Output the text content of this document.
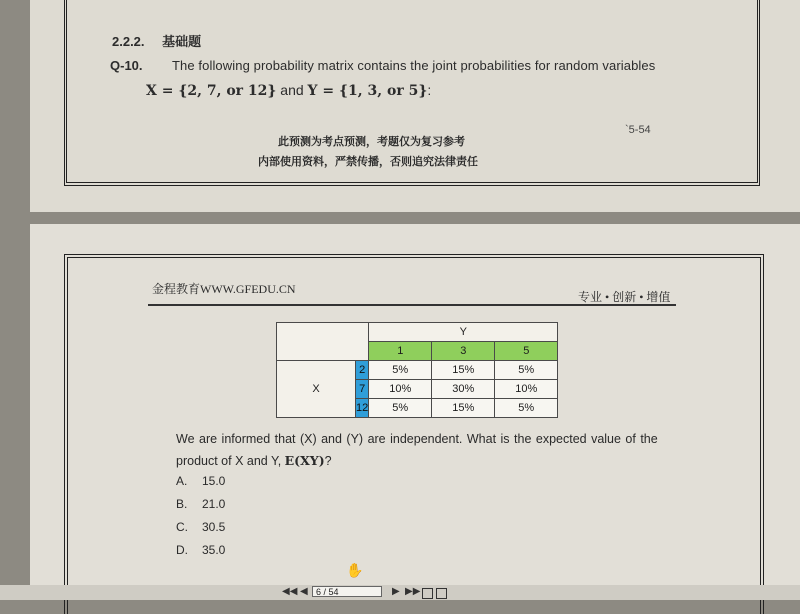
2.2.2. 基础题
Q-10. The following probability matrix contains the joint probabilities for random variables
X = {2, 7, or 12} and Y = {1, 3, or 5}:
`5-54
此预测为考点预测，考题仅为复习参考
内部使用资料，严禁传播，否则追究法律责任
金程教育WWW.GFEDU.CN
专业 • 创新 • 增值
		Y		
		1	3	5
X	2	5%	15%	5%
	7	10%	30%	10%
	12	5%	15%	5%
We are informed that (X) and (Y) are independent. What is the expected value of the
product of X and Y, E(XY)?
A. 15.0
B. 21.0
C. 30.5
D. 35.0
✋
◀◀ ◀ 6 / 54	▶ ▶▶
